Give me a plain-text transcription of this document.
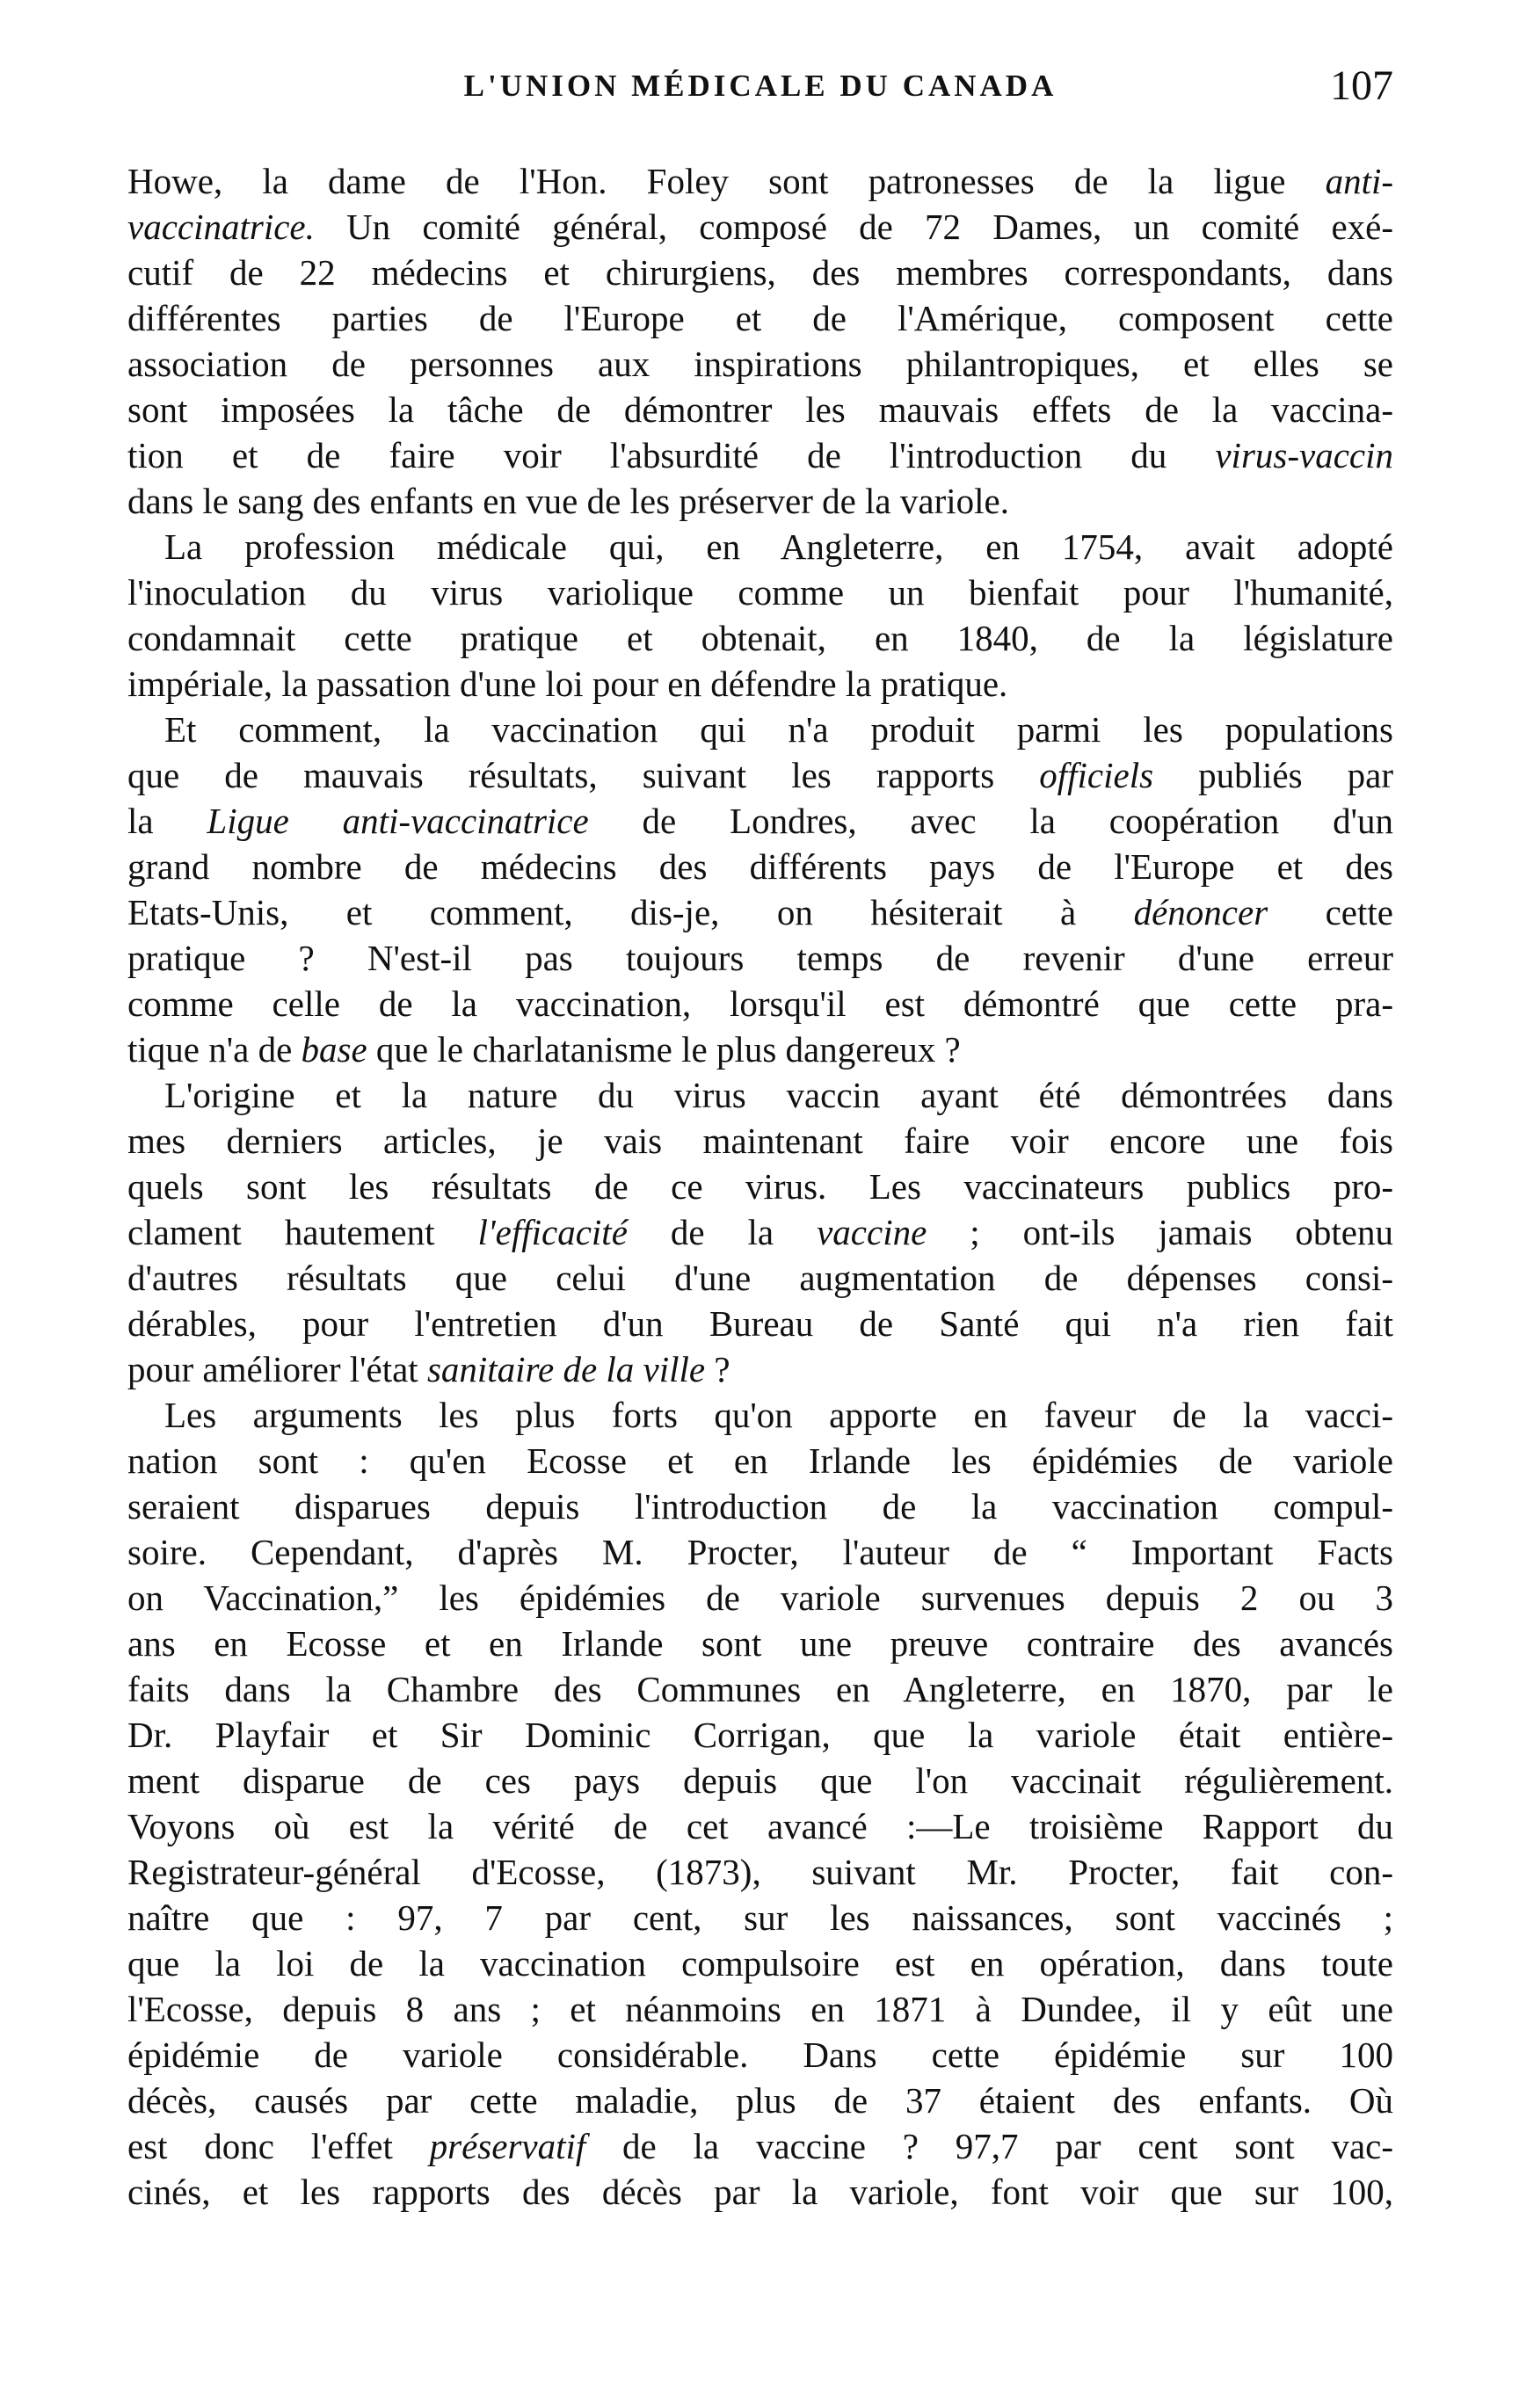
L'UNION MÉDICALE DU CANADA	107
Howe, la dame de l'Hon. Foley sont patronesses de la ligue anti-
vaccinatrice. Un comité général, composé de 72 Dames, un comité exé-
cutif de 22 médecins et chirurgiens, des membres correspondants, dans
différentes parties de l'Europe et de l'Amérique, composent cette
association de personnes aux inspirations philantropiques, et elles se
sont imposées la tâche de démontrer les mauvais effets de la vaccina-
tion et de faire voir l'absurdité de l'introduction du virus-vaccin
dans le sang des enfants en vue de les préserver de la variole.
La profession médicale qui, en Angleterre, en 1754, avait adopté
l'inoculation du virus variolique comme un bienfait pour l'humanité,
condamnait cette pratique et obtenait, en 1840, de la législature
impériale, la passation d'une loi pour en défendre la pratique.
Et comment, la vaccination qui n'a produit parmi les populations
que de mauvais résultats, suivant les rapports officiels publiés par
la Ligue anti-vaccinatrice de Londres, avec la coopération d'un
grand nombre de médecins des différents pays de l'Europe et des
Etats-Unis, et comment, dis-je, on hésiterait à dénoncer cette
pratique ? N'est-il pas toujours temps de revenir d'une erreur
comme celle de la vaccination, lorsqu'il est démontré que cette pra-
tique n'a de base que le charlatanisme le plus dangereux ?
L'origine et la nature du virus vaccin ayant été démontrées dans
mes derniers articles, je vais maintenant faire voir encore une fois
quels sont les résultats de ce virus. Les vaccinateurs publics pro-
clament hautement l'efficacité de la vaccine ; ont-ils jamais obtenu
d'autres résultats que celui d'une augmentation de dépenses consi-
dérables, pour l'entretien d'un Bureau de Santé qui n'a rien fait
pour améliorer l'état sanitaire de la ville ?
Les arguments les plus forts qu'on apporte en faveur de la vacci-
nation sont : qu'en Ecosse et en Irlande les épidémies de variole
seraient disparues depuis l'introduction de la vaccination compul-
soire. Cependant, d'après M. Procter, l'auteur de “ Important Facts
on Vaccination,” les épidémies de variole survenues depuis 2 ou 3
ans en Ecosse et en Irlande sont une preuve contraire des avancés
faits dans la Chambre des Communes en Angleterre, en 1870, par le
Dr. Playfair et Sir Dominic Corrigan, que la variole était entière-
ment disparue de ces pays depuis que l'on vaccinait régulièrement.
Voyons où est la vérité de cet avancé :—Le troisième Rapport du
Registrateur-général d'Ecosse, (1873), suivant Mr. Procter, fait con-
naître que : 97, 7 par cent, sur les naissances, sont vaccinés ;
que la loi de la vaccination compulsoire est en opération, dans toute
l'Ecosse, depuis 8 ans ; et néanmoins en 1871 à Dundee, il y eût une
épidémie de variole considérable. Dans cette épidémie sur 100
décès, causés par cette maladie, plus de 37 étaient des enfants. Où
est donc l'effet préservatif de la vaccine ? 97,7 par cent sont vac-
cinés, et les rapports des décès par la variole, font voir que sur 100,
